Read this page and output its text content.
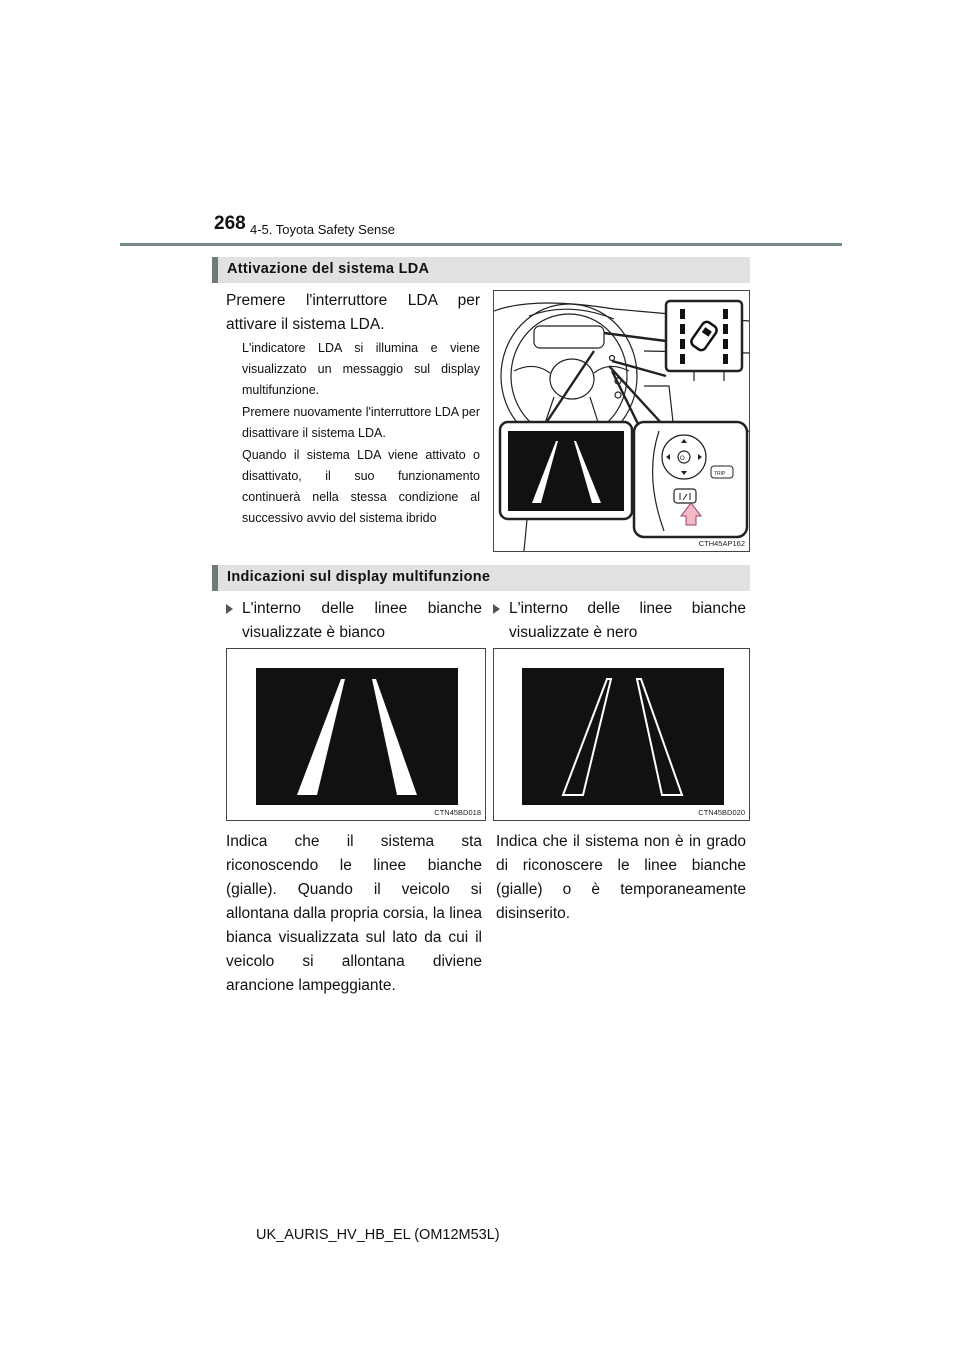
268 4-5. Toyota Safety Sense
Attivazione del sistema LDA
Premere l'interruttore LDA per attivare il sistema LDA.
L'indicatore LDA si illumina e viene visualizzato un messaggio sul display multifunzione.
Premere nuovamente l'interruttore LDA per disattivare il sistema LDA.
Quando il sistema LDA viene attivato o disattivato, il suo funzionamento continuerà nella stessa condizione al successivo avvio del sistema ibrido
O
TRIP
CTH45AP162
Indicazioni sul display multifunzione
L'interno delle linee bianche visualizzate è bianco
L'interno delle linee bianche visualizzate è nero
CTN45BD018	CTN45BD020
Indica che il sistema sta riconoscendo le linee bianche (gialle). Quando il veicolo si allontana dalla propria corsia, la linea bianca visualizzata sul lato da cui il veicolo si allontana diviene arancione lampeggiante.
Indica che il sistema non è in grado di riconoscere le linee bianche (gialle) o è temporaneamente disinserito.
UK_AURIS_HV_HB_EL (OM12M53L)
